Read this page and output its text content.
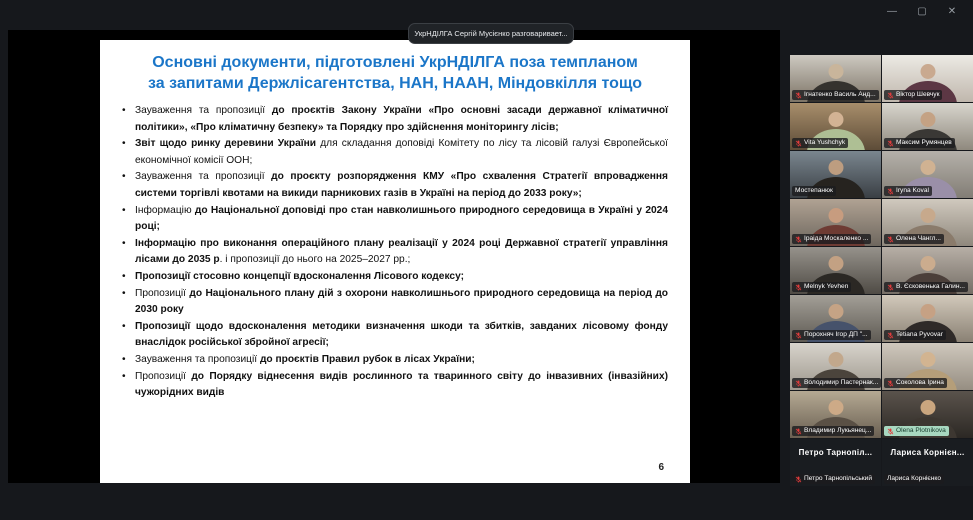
—	▢	✕
УкрНДІЛГА Сергій Мусієнко разговаривает...
Основні документи, підготовлені УкрНДІЛГА поза темпланом
за запитами Держлісагентства, НАН, НААН, Міндовкілля тощо
• Зауваження та пропозиції до проєктів Закону України «Про основні засади державної кліматичної політики», «Про кліматичну безпеку» та Порядку про здійснення моніторингу лісів;
• Звіт щодо ринку деревини України для складання доповіді Комітету по лісу та лісовій галузі Європейської економічної комісії ООН;
• Зауваження та пропозиції до проєкту розпорядження КМУ «Про схвалення Стратегії впровадження системи торгівлі квотами на викиди парникових газів в Україні на період до 2033 року»;
• Інформацію до Національної доповіді про стан навколишнього природного середовища в Україні у 2024 році;
• Інформацію про виконання операційного плану реалізації у 2024 році Державної стратегії управління лісами до 2035 р. і пропозиції до нього на 2025–2027 рр.;
• Пропозиції стосовно концепції вдосконалення Лісового кодексу;
• Пропозиції до Національного плану дій з охорони навколишнього природного середовища на період до 2030 року
• Пропозиції щодо вдосконалення методики визначення шкоди та збитків, завданих лісовому фонду внаслідок російської збройної агресії;
• Зауваження та пропозиції до проєктів Правил рубок в лісах України;
• Пропозиції до Порядку віднесення видів рослинного та тваринного світу до інвазивних (інвазійних) чужорідних видів
6
Ігнатенко Василь Анд...	Віктор Шевчук
Vita Yushchyk	Максим Румянцев
Мостепанюк	Iryna Koval
Іраіда Москаленко ...	Олена Чангл...
Melnyk Yevhen	В. Єсковенька Галин...
Порохняч Ігор ДП "...	Tetiana Pyvovar
Володимир Пастернак...	Соколова Ірина
Владимир Лукьянец...	Olena Plotnikova
Петро Тарнопіл...
Петро Тарнопільський
Лариса Корнієн...
Лариса Корнієнко
